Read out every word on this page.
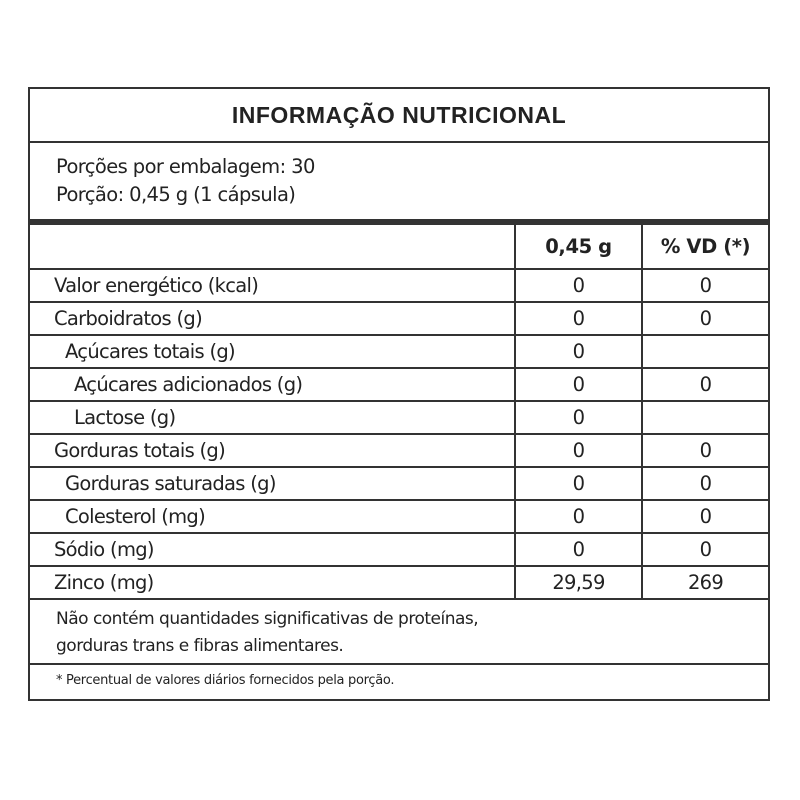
INFORMAÇÃO NUTRICIONAL
Porções por embalagem: 30
Porção: 0,45 g (1 cápsula)
	0,45 g	% VD (*)
Valor energético (kcal)	0	0
Carboidratos (g)	0	0
Açúcares totais (g)	0	
Açúcares adicionados (g)	0	0
Lactose (g)	0	
Gorduras totais (g)	0	0
Gorduras saturadas (g)	0	0
Colesterol (mg)	0	0
Sódio (mg)	0	0
Zinco (mg)	29,59	269
Não contém quantidades significativas de proteínas,
gorduras trans e fibras alimentares.
* Percentual de valores diários fornecidos pela porção.
